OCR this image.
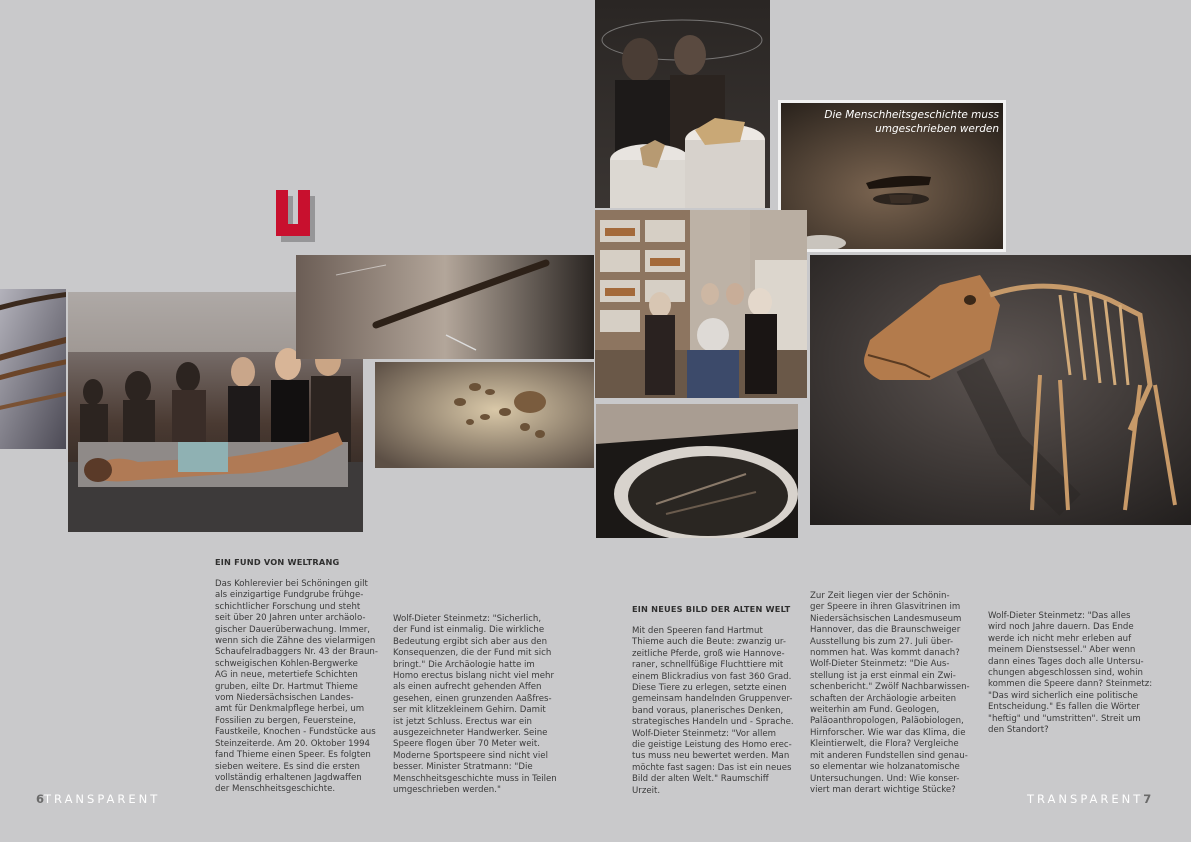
Die Menschheitsgeschichte muss umgeschrieben werden
EIN FUND VON WELTRANG
Das Kohlerevier bei Schöningen gilt
als einzigartige Fundgrube frühge-
schichtlicher Forschung und steht
seit über 20 Jahren unter archäolo-
gischer Dauerüberwachung. Immer,
wenn sich die Zähne des vielarmigen
Schaufelradbaggers Nr. 43 der Braun-
schweigischen Kohlen-Bergwerke
AG in neue, metertiefe Schichten
gruben, eilte Dr. Hartmut Thieme
vom Niedersächsischen Landes-
amt für Denkmalpflege herbei, um
Fossilien zu bergen, Feuersteine,
Faustkeile, Knochen - Fundstücke aus
Steinzeiterde. Am 20. Oktober 1994
fand Thieme einen Speer. Es folgten
sieben weitere. Es sind die ersten
vollständig erhaltenen Jagdwaffen
der Menschheitsgeschichte.
Wolf-Dieter Steinmetz: "Sicherlich,
der Fund ist einmalig. Die wirkliche
Bedeutung ergibt sich aber aus den
Konsequenzen, die der Fund mit sich
bringt." Die Archäologie hatte im
Homo erectus bislang nicht viel mehr
als einen aufrecht gehenden Affen
gesehen, einen grunzenden Aaßfres-
ser mit klitzekleinem Gehirn. Damit
ist jetzt Schluss. Erectus war ein
ausgezeichneter Handwerker. Seine
Speere flogen über 70 Meter weit.
Moderne Sportspeere sind nicht viel
besser. Minister Stratmann: "Die
Menschheitsgeschichte muss in Teilen
umgeschrieben werden."
EIN NEUES BILD DER ALTEN WELT
Mit den Speeren fand Hartmut
Thieme auch die Beute: zwanzig ur-
zeitliche Pferde, groß wie Hannove-
raner, schnellfüßige Fluchttiere mit
einem Blickradius von fast 360 Grad.
Diese Tiere zu erlegen, setzte einen
gemeinsam handelnden Gruppenver-
band voraus, planerisches Denken,
strategisches Handeln und - Sprache.
Wolf-Dieter Steinmetz: "Vor allem
die geistige Leistung des Homo erec-
tus muss neu bewertet werden. Man
möchte fast sagen: Das ist ein neues
Bild der alten Welt." Raumschiff
Urzeit.
Zur Zeit liegen vier der Schönin-
ger Speere in ihren Glasvitrinen im
Niedersächsischen Landesmuseum
Hannover, das die Braunschweiger
Ausstellung bis zum 27. Juli über-
nommen hat. Was kommt danach?
Wolf-Dieter Steinmetz: "Die Aus-
stellung ist ja erst einmal ein Zwi-
schenbericht." Zwölf Nachbarwissen-
schaften der Archäologie arbeiten
weiterhin am Fund. Geologen,
Paläoanthropologen, Paläobiologen,
Hirnforscher. Wie war das Klima, die
Kleintierwelt, die Flora? Vergleiche
mit anderen Fundstellen sind genau-
so elementar wie holzanatomische
Untersuchungen. Und: Wie konser-
viert man derart wichtige Stücke?
Wolf-Dieter Steinmetz: "Das alles
wird noch Jahre dauern. Das Ende
werde ich nicht mehr erleben auf
meinem Dienstsessel." Aber wenn
dann eines Tages doch alle Untersu-
chungen abgeschlossen sind, wohin
kommen die Speere dann? Steinmetz:
"Das wird sicherlich eine politische
Entscheidung." Es fallen die Wörter
"heftig" und "umstritten". Streit um
den Standort?
6TRANSPARENT	TRANSPARENT7
